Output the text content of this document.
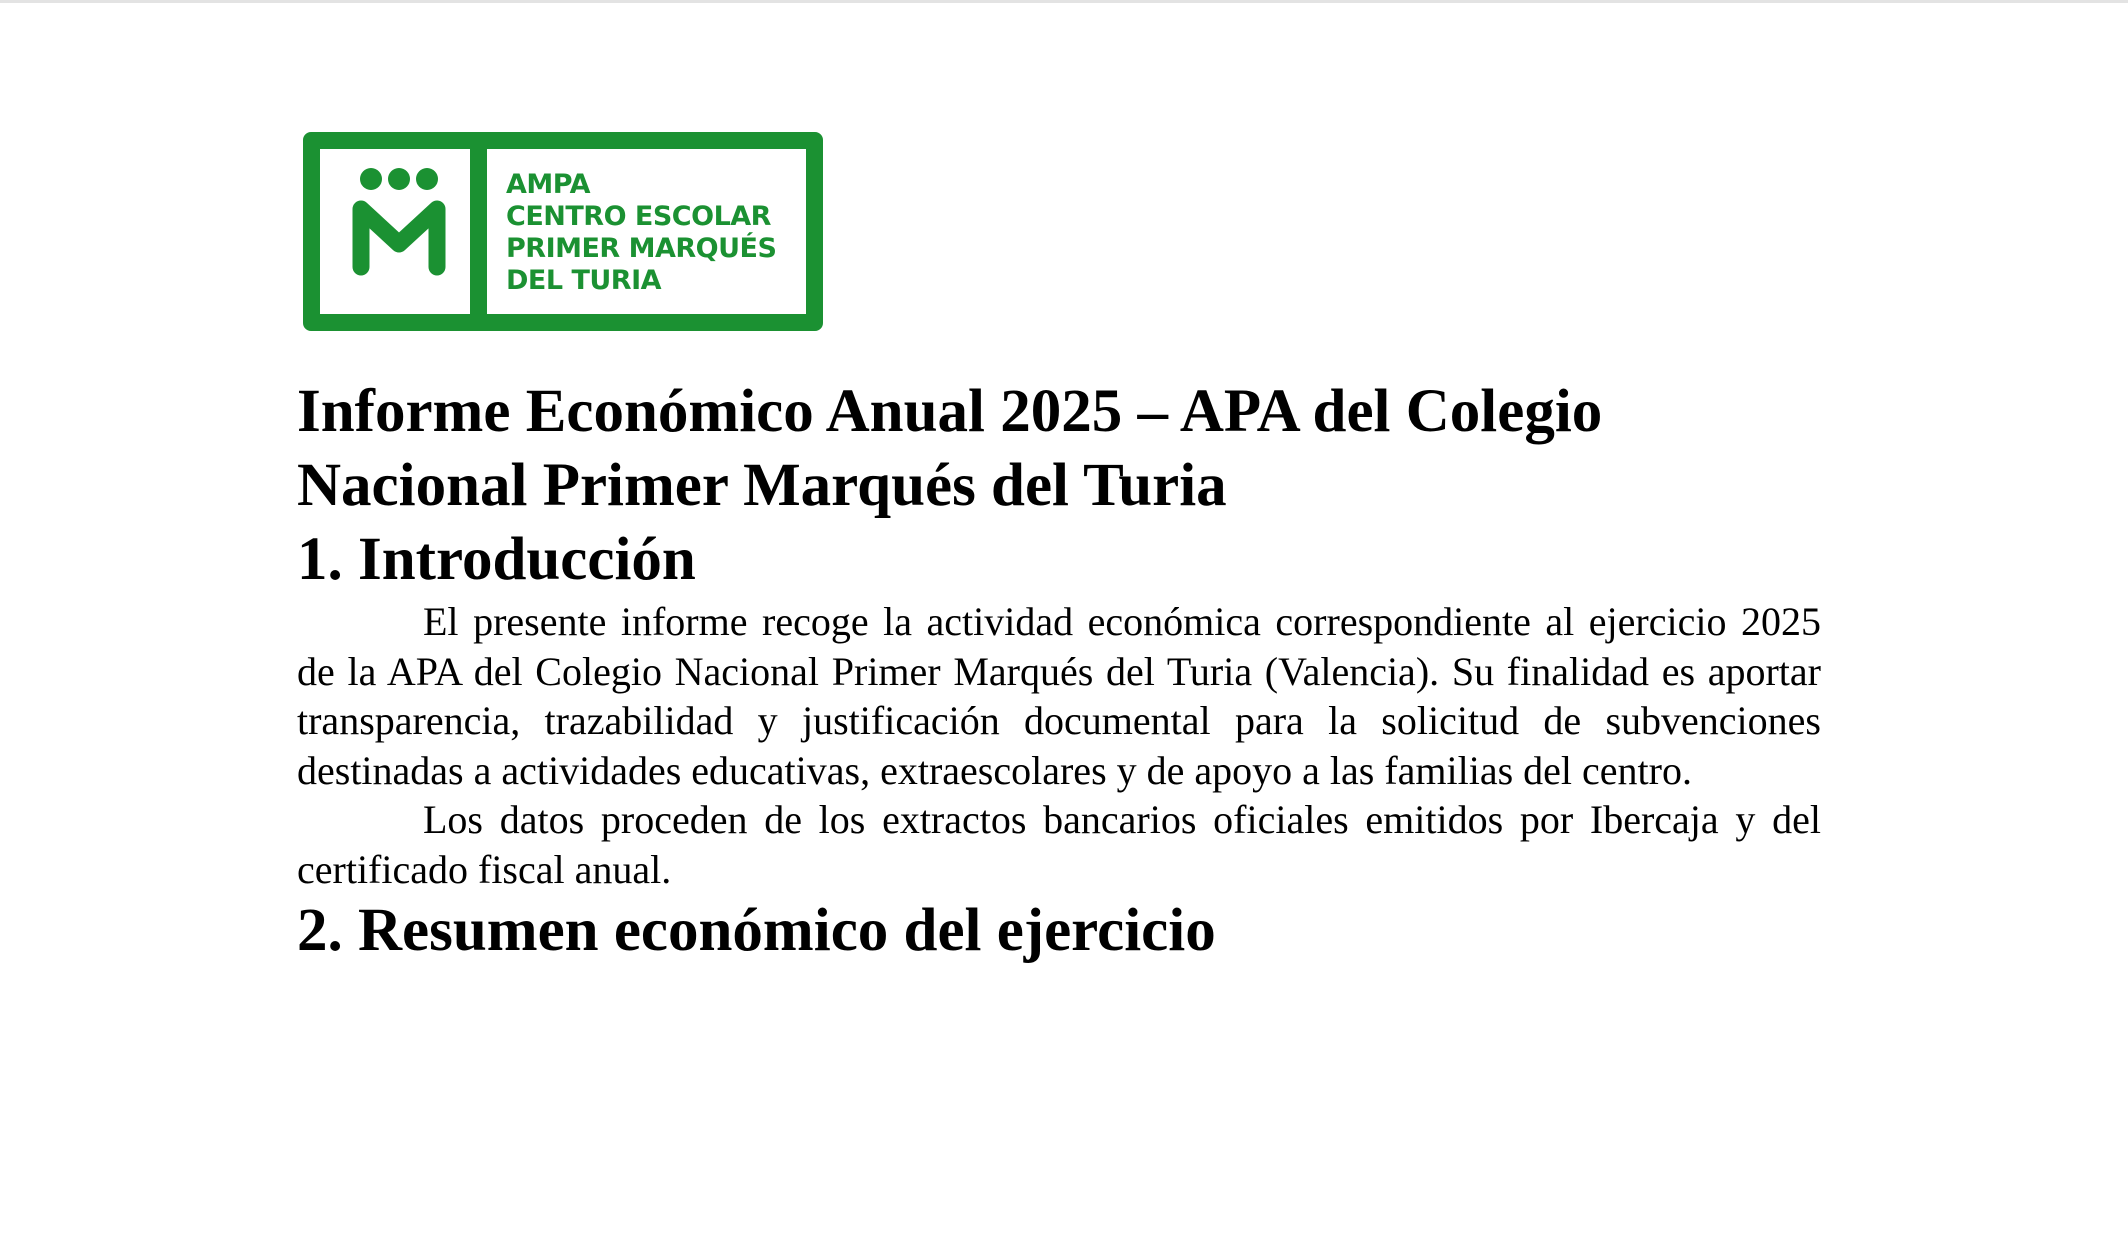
AMPA
CENTRO ESCOLAR
PRIMER MARQUÉS
DEL TURIA
Informe Económico Anual 2025 – APA del Colegio Nacional Primer Marqués del Turia
1. Introducción

El presente informe recoge la actividad económica correspondiente al ejercicio 2025 de la APA del Colegio Nacional Primer Marqués del Turia (Valencia). Su finalidad es aportar transparencia, trazabilidad y justificación documental para la solicitud de subvenciones destinadas a actividades educativas, extraescolares y de apoyo a las familias del centro.

Los datos proceden de los extractos bancarios oficiales emitidos por Ibercaja y del certificado fiscal anual.

2. Resumen económico del ejercicio
